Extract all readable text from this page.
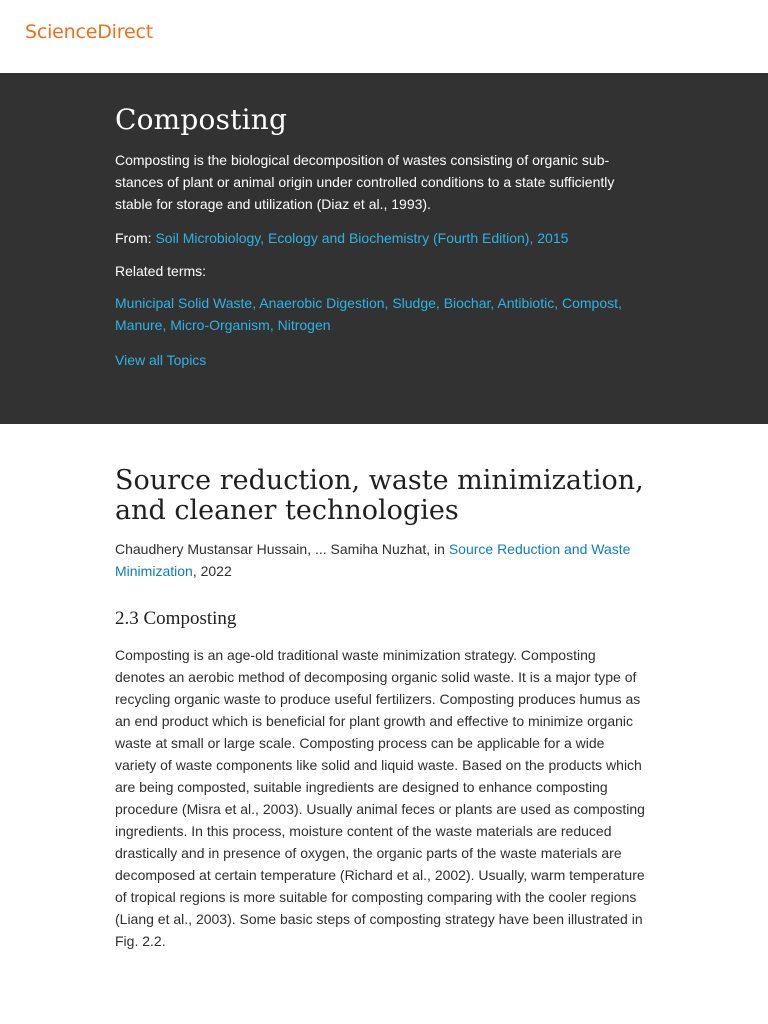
ScienceDirect
Composting

Composting is the biological decomposition of wastes consisting of organic sub-stances of plant or animal origin under controlled conditions to a state sufficiently stable for storage and utilization (Diaz et al., 1993).

From: Soil Microbiology, Ecology and Biochemistry (Fourth Edition), 2015

Related terms:

Municipal Solid Waste, Anaerobic Digestion, Sludge, Biochar, Antibiotic, Compost, Manure, Micro-Organism, Nitrogen

View all Topics
Source reduction, waste minimization, and cleaner technologies

Chaudhery Mustansar Hussain, ... Samiha Nuzhat, in Source Reduction and Waste Minimization, 2022

2.3 Composting

Composting is an age-old traditional waste minimization strategy. Composting denotes an aerobic method of decomposing organic solid waste. It is a major type of recycling organic waste to produce useful fertilizers. Composting produces humus as an end product which is beneficial for plant growth and effective to minimize organic waste at small or large scale. Composting process can be applicable for a wide variety of waste components like solid and liquid waste. Based on the products which are being composted, suitable ingredients are designed to enhance composting procedure (Misra et al., 2003). Usually animal feces or plants are used as composting ingredients. In this process, moisture content of the waste materials are reduced drastically and in presence of oxygen, the organic parts of the waste materials are decomposed at certain temperature (Richard et al., 2002). Usually, warm temperature of tropical regions is more suitable for composting comparing with the cooler regions (Liang et al., 2003). Some basic steps of composting strategy have been illustrated in Fig. 2.2.
